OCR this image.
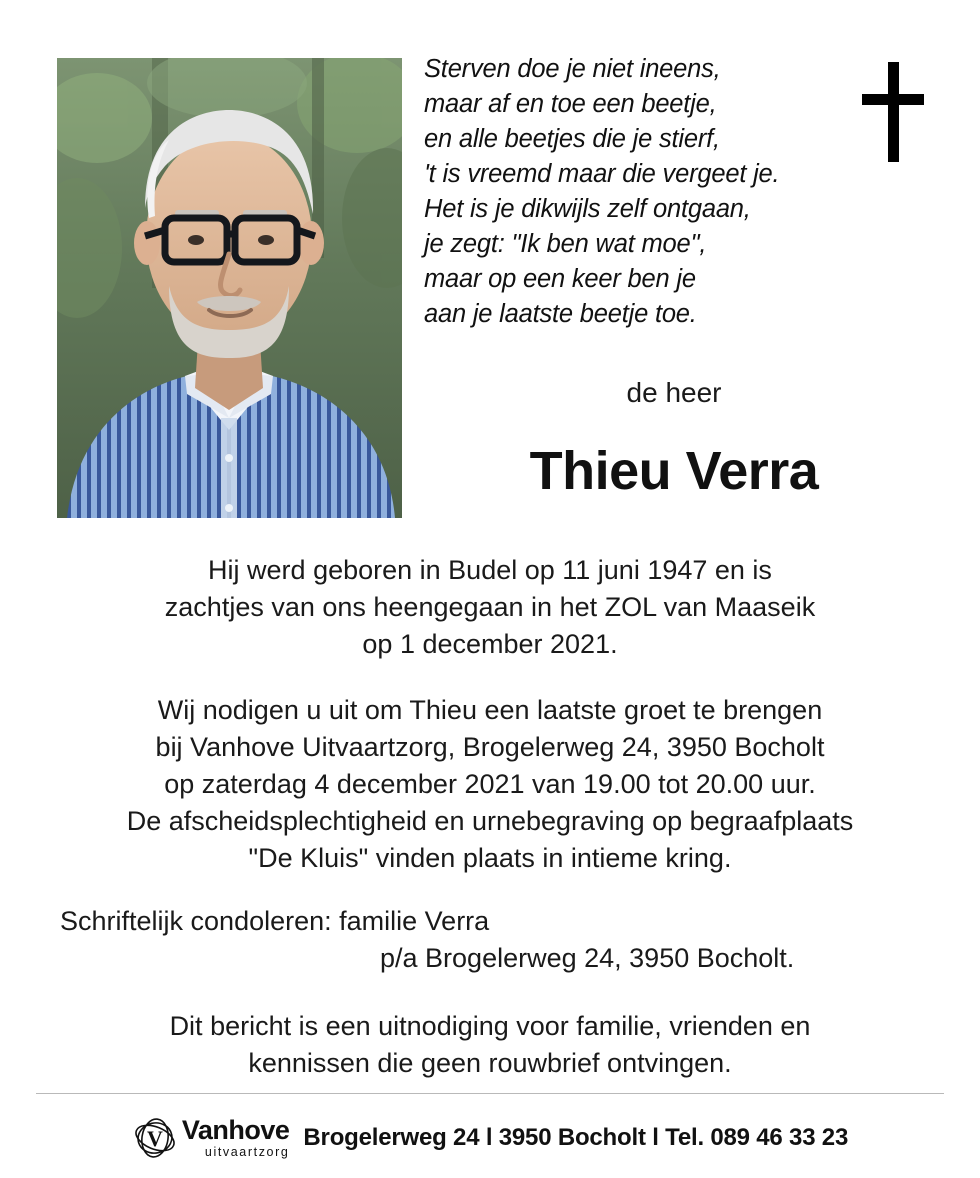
Sterven doe je niet ineens,
maar af en toe een beetje,
en alle beetjes die je stierf,
't is vreemd maar die vergeet je.
Het is je dikwijls zelf ontgaan,
je zegt: "Ik ben wat moe",
maar op een keer ben je
aan je laatste beetje toe.
de heer
Thieu Verra
Hij werd geboren in Budel op 11 juni 1947 en is
zachtjes van ons heengegaan in het ZOL van Maaseik
op 1 december 2021.
Wij nodigen u uit om Thieu een laatste groet te brengen
bij Vanhove Uitvaartzorg, Brogelerweg 24, 3950 Bocholt
op zaterdag 4 december 2021 van 19.00 tot 20.00 uur.
De afscheidsplechtigheid en urnebegraving op begraafplaats
"De Kluis" vinden plaats in intieme kring.
Schriftelijk condoleren: familie Verra
p/a Brogelerweg 24, 3950 Bocholt.
Dit bericht is een uitnodiging voor familie, vrienden en
kennissen die geen rouwbrief ontvingen.
V Vanhove
uitvaartzorg
Brogelerweg 24 l 3950 Bocholt l Tel. 089 46 33 23
